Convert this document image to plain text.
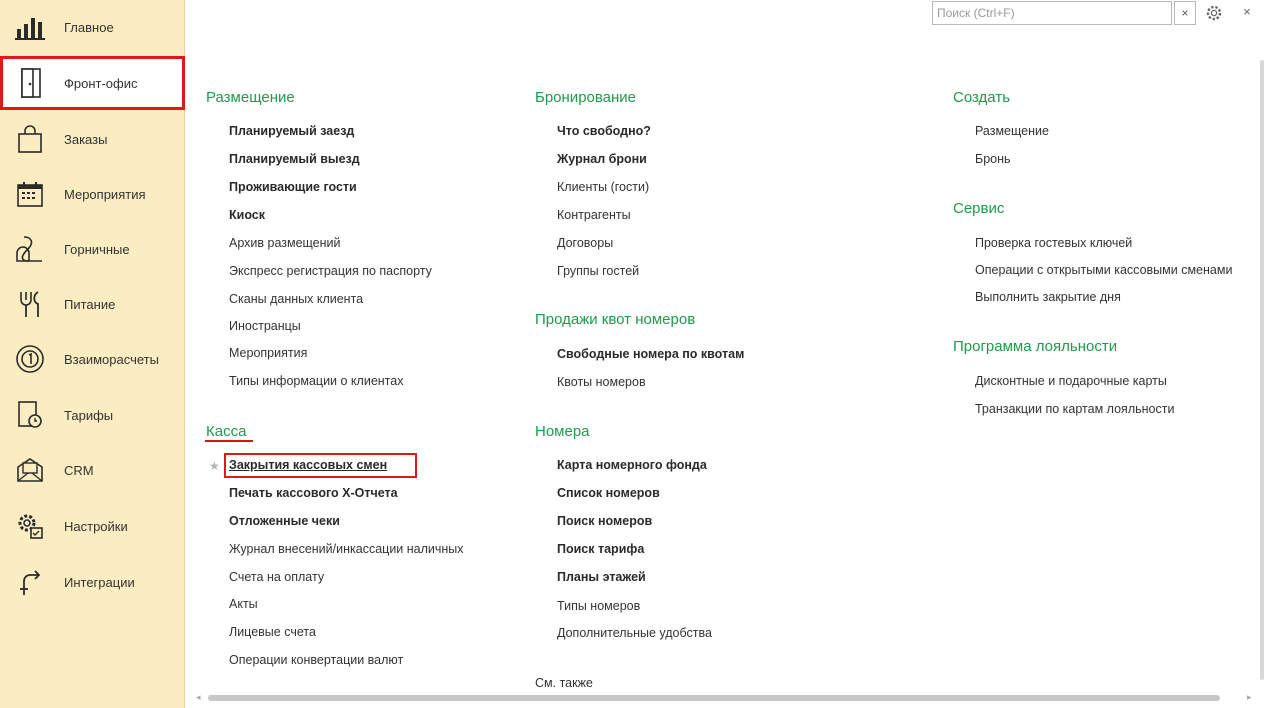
Главное
Фронт-офис
Заказы
Мероприятия
Горничные
Питание
Взаиморасчеты
Тарифы
CRM
Настройки
Интеграции
Поиск (Ctrl+F)	×	×
Размещение
Планируемый заезд
Планируемый выезд
Проживающие гости
Киоск
Архив размещений
Экспресс регистрация по паспорту
Сканы данных клиента
Иностранцы
Мероприятия
Типы информации о клиентах
Касса
★ Закрытия кассовых смен
Печать кассового Х-Отчета
Отложенные чеки
Журнал внесений/инкассации наличных
Счета на оплату
Акты
Лицевые счета
Операции конвертации валют
Бронирование
Что свободно?
Журнал брони
Клиенты (гости)
Контрагенты
Договоры
Группы гостей
Продажи квот номеров
Свободные номера по квотам
Квоты номеров
Номера
Карта номерного фонда
Список номеров
Поиск номеров
Поиск тарифа
Планы этажей
Типы номеров
Дополнительные удобства
См. также
Создать
Размещение
Бронь
Сервис
Проверка гостевых ключей
Операции с открытыми кассовыми сменами
Выполнить закрытие дня
Программа лояльности
Дисконтные и подарочные карты
Транзакции по картам лояльности
◂	▸
